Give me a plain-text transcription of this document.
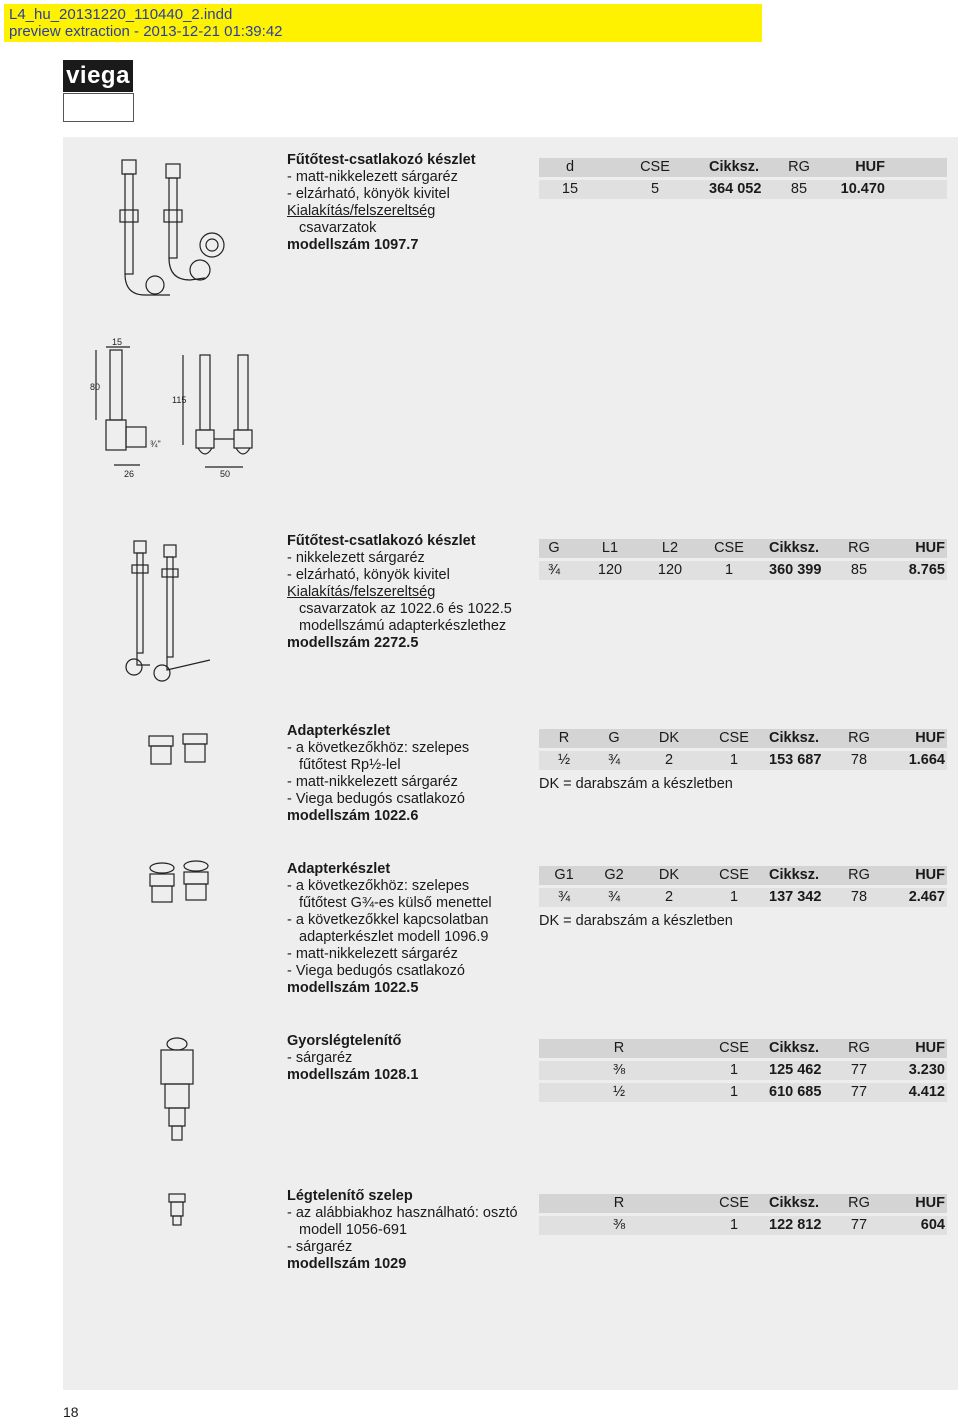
L4_hu_20131220_110440_2.indd
preview extraction - 2013-12-21 01:39:42
viega
15
80
¾"
26
115
50
Fűtőtest-csatlakozó készlet
- matt-nikkelezett sárgaréz
- elzárható, könyök kivitel
Kialakítás/felszereltség
csavarzatok
modellszám 1097.7
d	CSE	Cikksz.	RG	HUF
15	5	364 052	85	10.470
Fűtőtest-csatlakozó készlet
- nikkelezett sárgaréz
- elzárható, könyök kivitel
Kialakítás/felszereltség
csavarzatok az 1022.6 és 1022.5
modellszámú adapterkészlethez
modellszám 2272.5
G	L1	L2	CSE	Cikksz.	RG	HUF
¾	120	120	1	360 399	85	8.765
Adapterkészlet
- a következőkhöz: szelepes
fűtőtest Rp½-lel
- matt-nikkelezett sárgaréz
- Viega bedugós csatlakozó
modellszám 1022.6
R	G	DK	CSE	Cikksz.	RG	HUF
½	¾	2	1	153 687	78	1.664
DK = darabszám a készletben
Adapterkészlet
- a következőkhöz: szelepes
fűtőtest G¾-es külső menettel
- a következőkkel kapcsolatban
adapterkészlet modell 1096.9
- matt-nikkelezett sárgaréz
- Viega bedugós csatlakozó
modellszám 1022.5
G1	G2	DK	CSE	Cikksz.	RG	HUF
¾	¾	2	1	137 342	78	2.467
DK = darabszám a készletben
Gyorslégtelenítő
- sárgaréz
modellszám 1028.1
R	CSE	Cikksz.	RG	HUF
⅜	1	125 462	77	3.230
½	1	610 685	77	4.412
Légtelenítő szelep
- az alábbiakhoz használható: osztó
modell 1056-691
- sárgaréz
modellszám 1029
R	CSE	Cikksz.	RG	HUF
⅜	1	122 812	77	604
18
